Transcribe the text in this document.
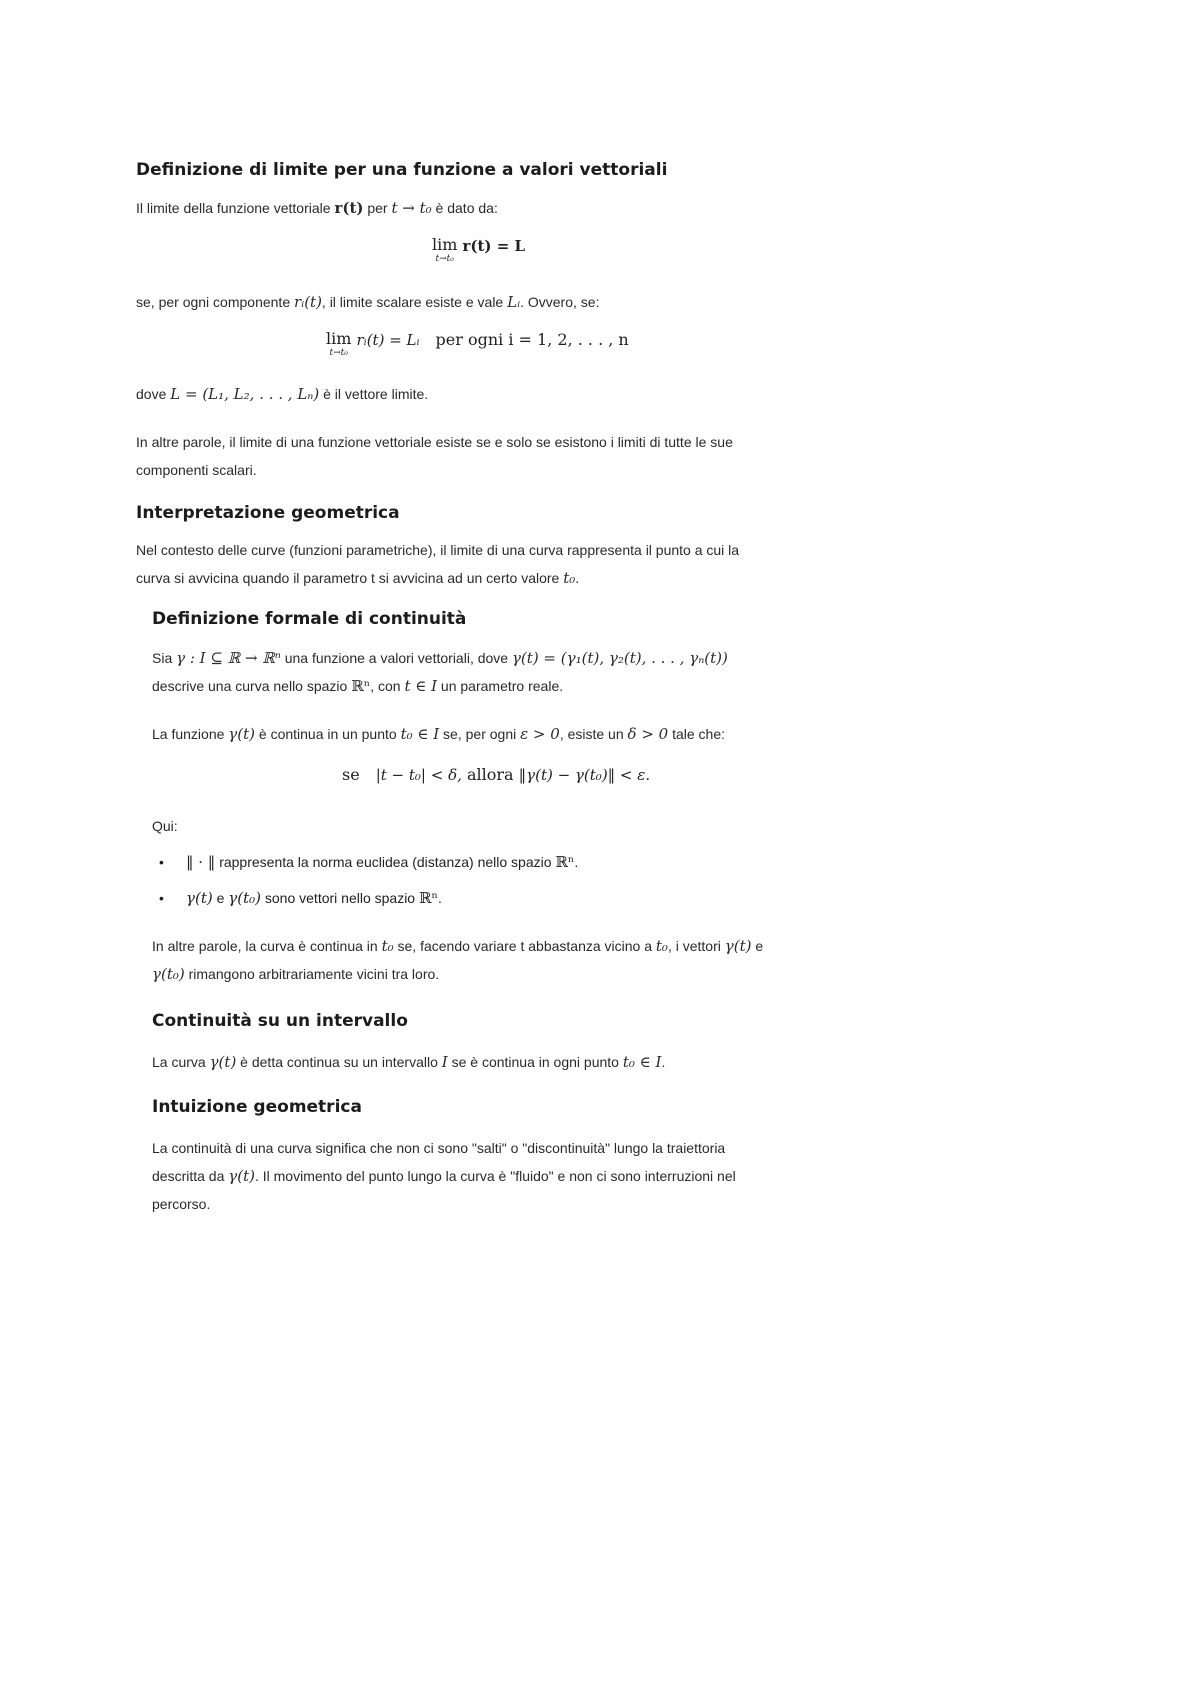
Definizione di limite per una funzione a valori vettoriali

Il limite della funzione vettoriale r(t) per t → t₀ è dato da:

lim
t→t₀
r(t) = L

se, per ogni componente rᵢ(t), il limite scalare esiste e vale Lᵢ. Ovvero, se:

lim
t→t₀
rᵢ(t) = Lᵢ per ogni i = 1, 2, . . . , n

dove L = (L₁, L₂, . . . , Lₙ) è il vettore limite.

In altre parole, il limite di una funzione vettoriale esiste se e solo se esistono i limiti di tutte le sue

componenti scalari.

Interpretazione geometrica

Nel contesto delle curve (funzioni parametriche), il limite di una curva rappresenta il punto a cui la

curva si avvicina quando il parametro t si avvicina ad un certo valore t₀.

Definizione formale di continuità

Sia γ : I ⊆ ℝ → ℝⁿ una funzione a valori vettoriali, dove γ(t) = (γ₁(t), γ₂(t), . . . , γₙ(t))

descrive una curva nello spazio ℝⁿ, con t ∈ I un parametro reale.

La funzione γ(t) è continua in un punto t₀ ∈ I se, per ogni ε > 0, esiste un δ > 0 tale che:

se |t − t₀| < δ, allora ‖γ(t) − γ(t₀)‖ < ε.

Qui:

• ‖ · ‖ rappresenta la norma euclidea (distanza) nello spazio ℝⁿ.
• γ(t) e γ(t₀) sono vettori nello spazio ℝⁿ.

In altre parole, la curva è continua in t₀ se, facendo variare t abbastanza vicino a t₀, i vettori γ(t) e

γ(t₀) rimangono arbitrariamente vicini tra loro.

Continuità su un intervallo

La curva γ(t) è detta continua su un intervallo I se è continua in ogni punto t₀ ∈ I.

Intuizione geometrica

La continuità di una curva significa che non ci sono "salti" o "discontinuità" lungo la traiettoria

descritta da γ(t). Il movimento del punto lungo la curva è "fluido" e non ci sono interruzioni nel

percorso.
